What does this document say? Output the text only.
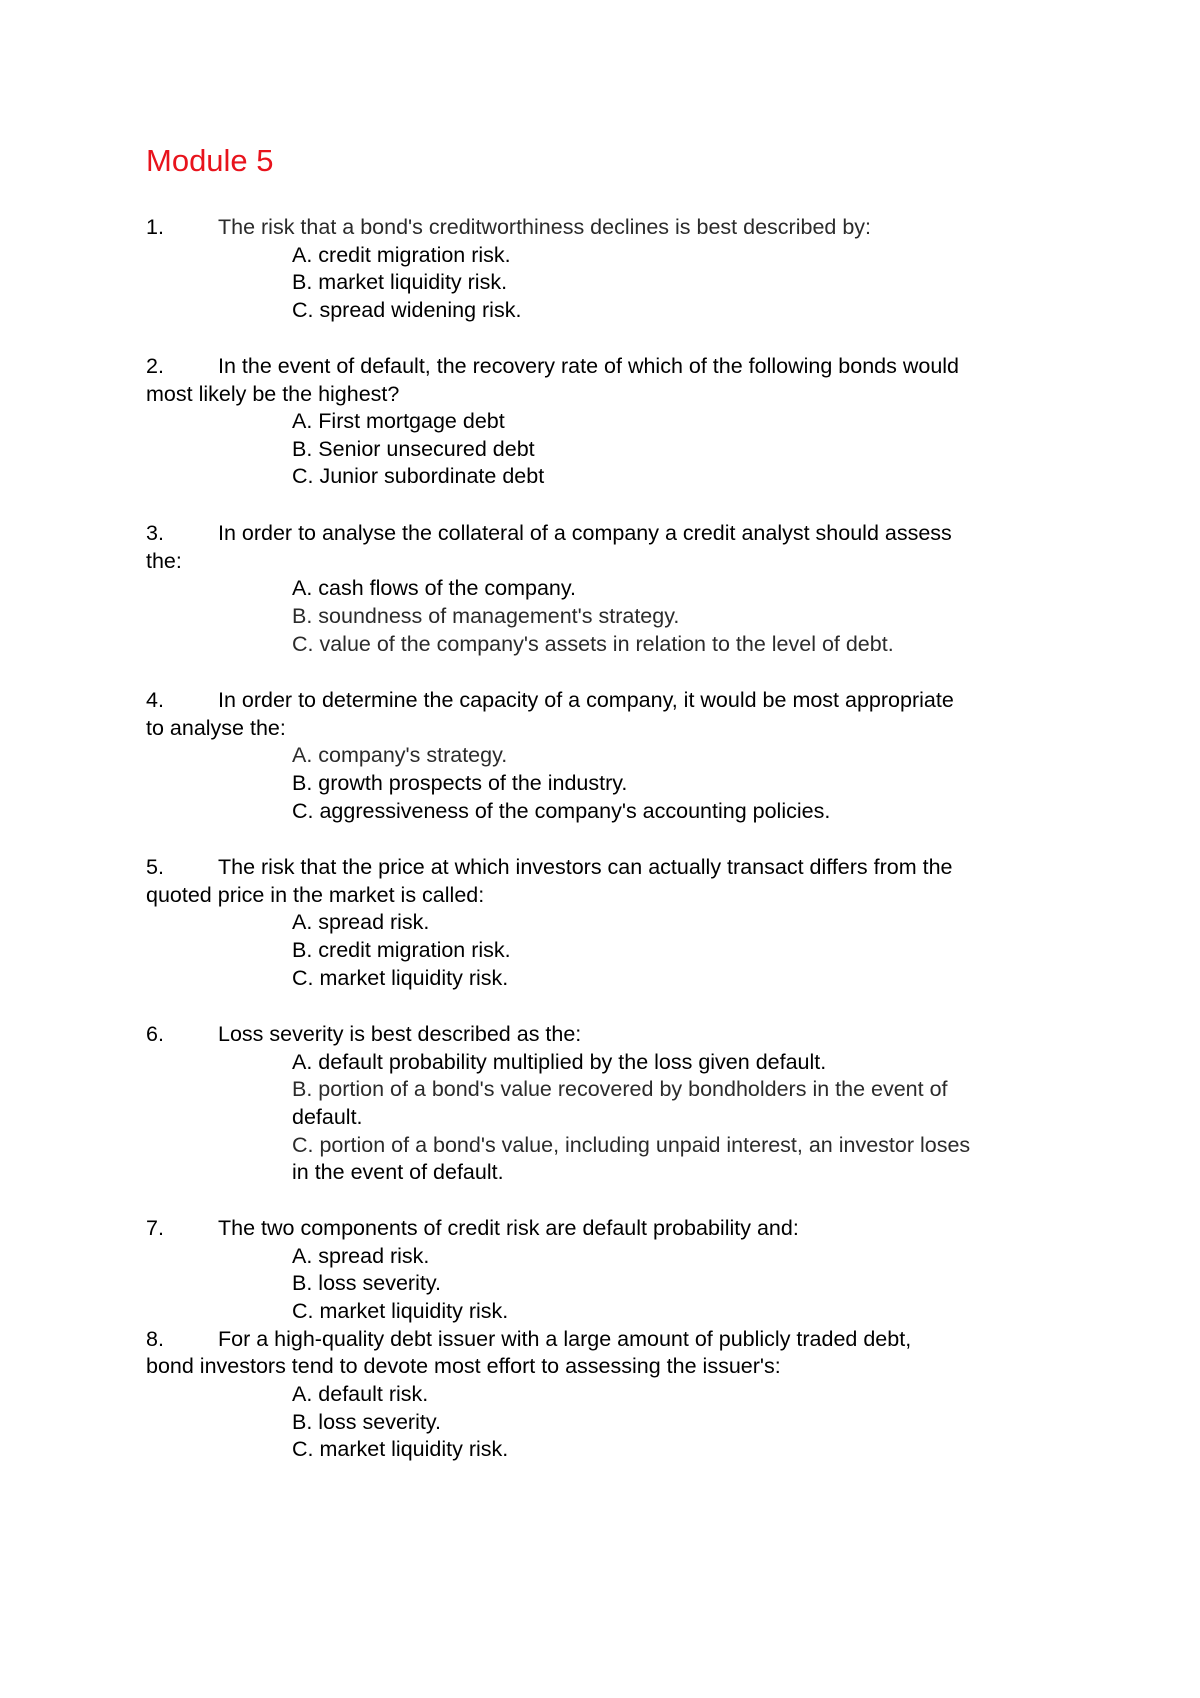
Module 5
1.	The risk that a bond's creditworthiness declines is best described by:
A. credit migration risk.
B. market liquidity risk.
C. spread widening risk.
2.	In the event of default, the recovery rate of which of the following bonds would
most likely be the highest?
A. First mortgage debt
B. Senior unsecured debt
C. Junior subordinate debt
3.	In order to analyse the collateral of a company a credit analyst should assess
the:
A. cash flows of the company.
B. soundness of management's strategy.
C. value of the company's assets in relation to the level of debt.
4.	In order to determine the capacity of a company, it would be most appropriate
to analyse the:
A. company's strategy.
B. growth prospects of the industry.
C. aggressiveness of the company's accounting policies.
5.	The risk that the price at which investors can actually transact differs from the
quoted price in the market is called:
A. spread risk.
B. credit migration risk.
C. market liquidity risk.
6.	Loss severity is best described as the:
A. default probability multiplied by the loss given default.
B. portion of a bond's value recovered by bondholders in the event of
default.
C. portion of a bond's value, including unpaid interest, an investor loses
in the event of default.
7.	The two components of credit risk are default probability and:
A. spread risk.
B. loss severity.
C. market liquidity risk.
8.	For a high-quality debt issuer with a large amount of publicly traded debt,
bond investors tend to devote most effort to assessing the issuer's:
A. default risk.
B. loss severity.
C. market liquidity risk.
